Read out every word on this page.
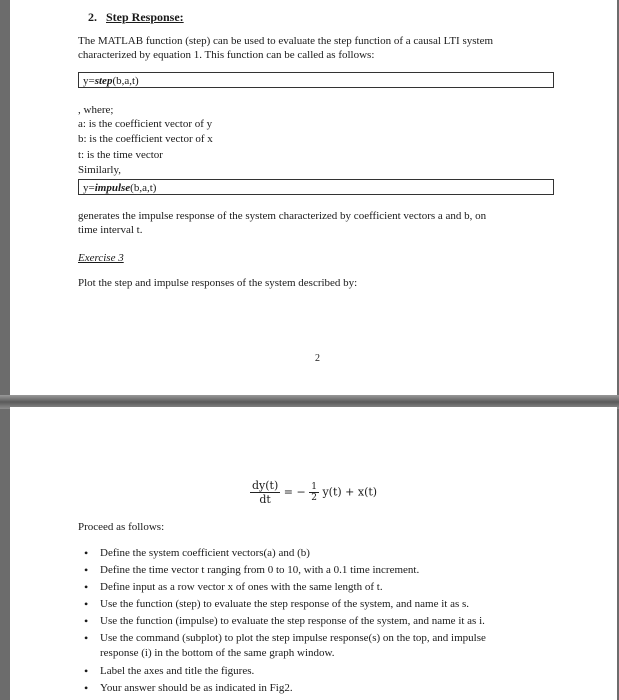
2. Step Response:
The MATLAB function (step) can be used to evaluate the step function of a causal LTI system
characterized by equation 1. This function can be called as follows:
y=step(b,a,t)
, where;
a: is the coefficient vector of y
b: is the coefficient vector of x
t: is the time vector
Similarly,
y=impulse(b,a,t)
generates the impulse response of the system characterized by coefficient vectors a and b, on
time interval t.
Exercise 3
Plot the step and impulse responses of the system described by:
2
$\frac{dy(t)}{dt}$ = − $\frac{1}{2} y(t) + x(t)$
Proceed as follows:
• Define the system coefficient vectors(a) and (b)
• Define the time vector t ranging from 0 to 10, with a 0.1 time increment.
• Define input as a row vector x of ones with the same length of t.
• Use the function (step) to evaluate the step response of the system, and name it as s.
• Use the function (impulse) to evaluate the step response of the system, and name it as i.
• Use the command (subplot) to plot the step impulse response(s) on the top, and impulse
response (i) in the bottom of the same graph window.
• Label the axes and title the figures.
• Your answer should be as indicated in Fig2.
